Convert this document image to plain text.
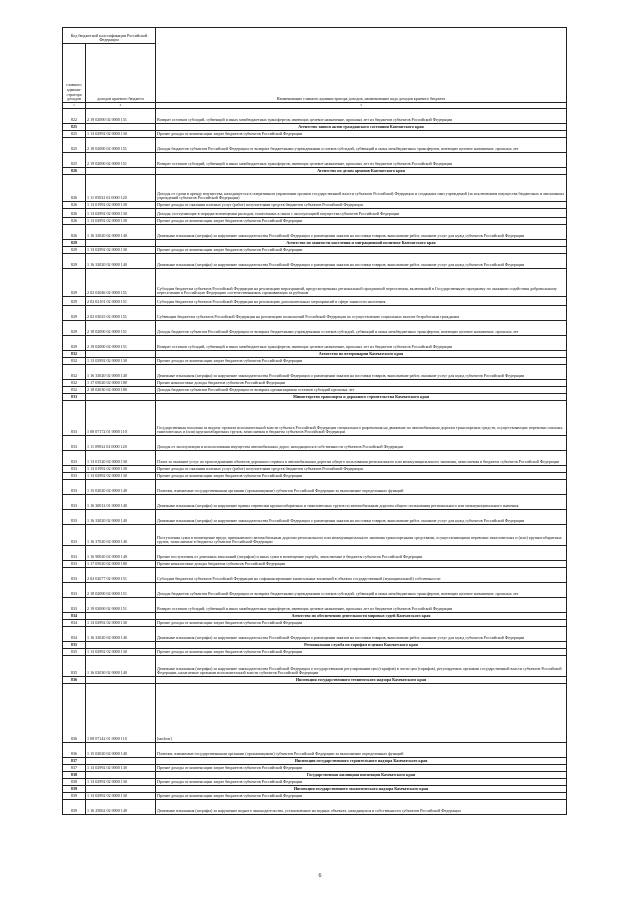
Код бюджетной классификации Российской Федерации		Наименование главного администратора доходов, наименование кода доходов краевого бюджета
главного админи-стратора доходов	доходов краевого бюджета	
1	2	3
822	2 19 02000 02 0000 151	Возврат остатков субсидий, субвенций и иных межбюджетных трансфертов, имеющих целевое назначение, прошлых лет из бюджетов субъектов Российской Федерации
825		Агентство записи актов гражданского состояния Камчатского края
825	1 13 02992 02 0000 130	Прочие доходы от компенсации затрат бюджетов субъектов Российской Федерации
825	2 18 02000 02 0000 151	Доходы бюджетов субъектов Российской Федерации от возврата бюджетными учреждениями остатков субсидий, субвенций и иных межбюджетных трансфертов, имеющих целевое назначение, прошлых лет
825	2 19 02000 02 0000 151	Возврат остатков субсидий, субвенций и иных межбюджетных трансфертов, имеющих целевое назначение, прошлых лет из бюджетов субъектов Российской Федерации
826		Агентство по делам архивов Камчатского края
826	1 11 05032 02 0000 120	Доходы от сдачи в аренду имущества, находящегося в оперативном управлении органов государственной власти субъектов Российской Федерации и созданных ими учреждений (за исключением имущества бюджетных и автономных учреждений субъектов Российской Федерации)
826	1 13 01992 02 0000 130	Прочие доходы от оказания платных услуг (работ) получателями средств бюджетов субъектов Российской Федерации
826	1 13 02992 02 0000 130	Доходы, поступающие в порядке возмещения расходов, понесенных в связи с эксплуатацией имущества субъектов Российской Федерации
826	1 13 02992 02 0000 130	Прочие доходы от компенсации затрат бюджетов субъектов Российской Федерации
826	1 16 33020 02 0000 140	Денежные взыскания (штрафы) за нарушение законодательства Российской Федерации о размещении заказов на поставки товаров, выполнение работ, оказание услуг для нужд субъектов Российской Федерации
829		Агентство по занятости населения и миграционной политике Камчатского края
829	1 13 02992 02 0000 130	Прочие доходы от компенсации затрат бюджетов субъектов Российской Федерации
829	1 16 33020 02 0000 140	Денежные взыскания (штрафы) за нарушение законодательства Российской Федерации о размещении заказов на поставки товаров, выполнение работ, оказание услуг для нужд субъектов Российской Федерации
829	2 02 02046 02 0000 151	Субсидии бюджетам субъектов Российской Федерации на реализацию мероприятий, предусмотренных региональной программой переселения, включенной в Государственную программу по оказанию содействия добровольному переселению в Российскую Федерацию соотечественников, проживающих за рубежом
829	2 02 02101 02 0000 151	Субсидии бюджетам субъектов Российской Федерации на реализацию дополнительных мероприятий в сфере занятости населения
829	2 02 03025 02 0000 151	Субвенции бюджетам субъектов Российской Федерации на реализацию полномочий Российской Федерации по осуществлению социальных выплат безработным гражданам
829	2 18 02000 02 0000 151	Доходы бюджетов субъектов Российской Федерации от возврата бюджетными учреждениями остатков субсидий, субвенций и иных межбюджетных трансфертов, имеющих целевое назначение, прошлых лет
829	2 19 02000 02 0000 151	Возврат остатков субсидий, субвенций и иных межбюджетных трансфертов, имеющих целевое назначение, прошлых лет из бюджетов субъектов Российской Федерации
832		Агентство по ветеринарии Камчатского края
832	1 13 02992 02 0000 130	Прочие доходы от компенсации затрат бюджетов субъектов Российской Федерации
832	1 16 33020 02 0000 140	Денежные взыскания (штрафы) за нарушение законодательства Российской Федерации о размещении заказов на поставки товаров, выполнение работ, оказание услуг для нужд субъектов Российской Федерации
832	1 17 05020 02 0000 180	Прочие неналоговые доходы бюджетов субъектов Российской Федерации
832	2 18 02030 02 0000 180	Доходы бюджетов субъектов Российской Федерации от возврата организациями остатков субсидий прошлых лет
833		Министерство транспорта и дорожного строительства Камчатского края
833	1 08 07172 01 0000 110	Государственная пошлина за выдачу органом исполнительной власти субъекта Российской Федерации специального разрешения на движение по автомобильным дорогам транспортных средств, осуществляющих перевозки опасных, тяжеловесных и (или) крупногабаритных грузов, зачисляемая в бюджеты субъектов Российской Федерации
833	1 11 09032 02 0000 120	Доходы от эксплуатации и использования имущества автомобильных дорог, находящихся в собственности субъектов Российской Федерации
833	1 13 01520 02 0000 130	Плата за оказание услуг по присоединению объектов дорожного сервиса к автомобильным дорогам общего пользования регионального или межмуниципального значения, зачисляемая в бюджеты субъектов Российской Федерации
833	1 13 01992 02 0000 130	Прочие доходы от оказания платных услуг (работ) получателями средств бюджетов субъектов Российской Федерации
833	1 13 02992 02 0000 130	Прочие доходы от компенсации затрат бюджетов субъектов Российской Федерации
833	1 15 02020 02 0000 140	Платежи, взимаемые государственными органами (организациями) субъектов Российской Федерации за выполнение определенных функций
833	1 16 30012 01 0000 140	Денежные взыскания (штрафы) за нарушение правил перевозки крупногабаритных и тяжеловесных грузов по автомобильным дорогам общего пользования регионального или межмуниципального значения
833	1 16 33020 02 0000 140	Денежные взыскания (штрафы) за нарушение законодательства Российской Федерации о размещении заказов на поставки товаров, выполнение работ, оказание услуг для нужд субъектов Российской Федерации
833	1 16 37020 02 0000 140	Поступления сумм в возмещение вреда, причиняемого автомобильным дорогам регионального или межмуниципального значения транспортными средствами, осуществляющими перевозки тяжеловесных и (или) крупногабаритных грузов, зачисляемые в бюджеты субъектов Российской Федерации
833	1 16 90020 02 0000 140	Прочие поступления от денежных взысканий (штрафов) и иных сумм в возмещение ущерба, зачисляемые в бюджеты субъектов Российской Федерации
833	1 17 05020 02 0000 180	Прочие неналоговые доходы бюджетов субъектов Российской Федерации
833	2 02 02077 02 0000 151	Субсидии бюджетам субъектов Российской Федерации на софинансирование капитальных вложений в объекты государственной (муниципальной) собственности
833	2 18 02000 02 0000 151	Доходы бюджетов субъектов Российской Федерации от возврата бюджетными учреждениями остатков субсидий, субвенций и иных межбюджетных трансфертов, имеющих целевое назначение, прошлых лет
833	2 19 02000 02 0000 151	Возврат остатков субсидий, субвенций и иных межбюджетных трансфертов, имеющих целевое назначение, прошлых лет из бюджетов субъектов Российской Федерации
834		Агентство по обеспечению деятельности мировых судей Камчатского края
834	1 13 02992 02 0000 130	Прочие доходы от компенсации затрат бюджетов субъектов Российской Федерации
834	1 16 33020 02 0000 140	Денежные взыскания (штрафы) за нарушение законодательства Российской Федерации о размещении заказов на поставки товаров, выполнение работ, оказание услуг для нужд субъектов Российской Федерации
835		Региональная служба по тарифам и ценам Камчатского края
835	1 13 02992 02 0000 130	Прочие доходы от компенсации затрат бюджетов субъектов Российской Федерации
835	1 16 02030 02 0000 140	Денежные взыскания (штрафы) за нарушение законодательства Российской Федерации о государственном регулировании цен (тарифов) в части цен (тарифов), регулируемых органами государственной власти субъектов Российской Федерации, налагаемые органами исполнительной власти субъектов Российской Федерации
836		Инспекция государственного технического надзора Камчатского края
836	1 08 07142 01 0000 110	[unclear]
836	1 15 02020 02 0000 140	Платежи, взимаемые государственными органами (организациями) субъектов Российской Федерации за выполнение определенных функций
837		Инспекция государственного строительного надзора Камчатского края
837	1 13 02992 02 0000 130	Прочие доходы от компенсации затрат бюджетов субъектов Российской Федерации
838		Государственная жилищная инспекция Камчатского края
838	1 13 02992 02 0000 130	Прочие доходы от компенсации затрат бюджетов субъектов Российской Федерации
839		Инспекция государственного экологического надзора Камчатского края
839	1 13 02992 02 0000 130	Прочие доходы от компенсации затрат бюджетов субъектов Российской Федерации
839	1 16 25062 02 0000 140	Денежные взыскания (штрафы) за нарушение водного законодательства, установленное на водных объектах, находящихся в собственности субъектов Российской Федерации
6
